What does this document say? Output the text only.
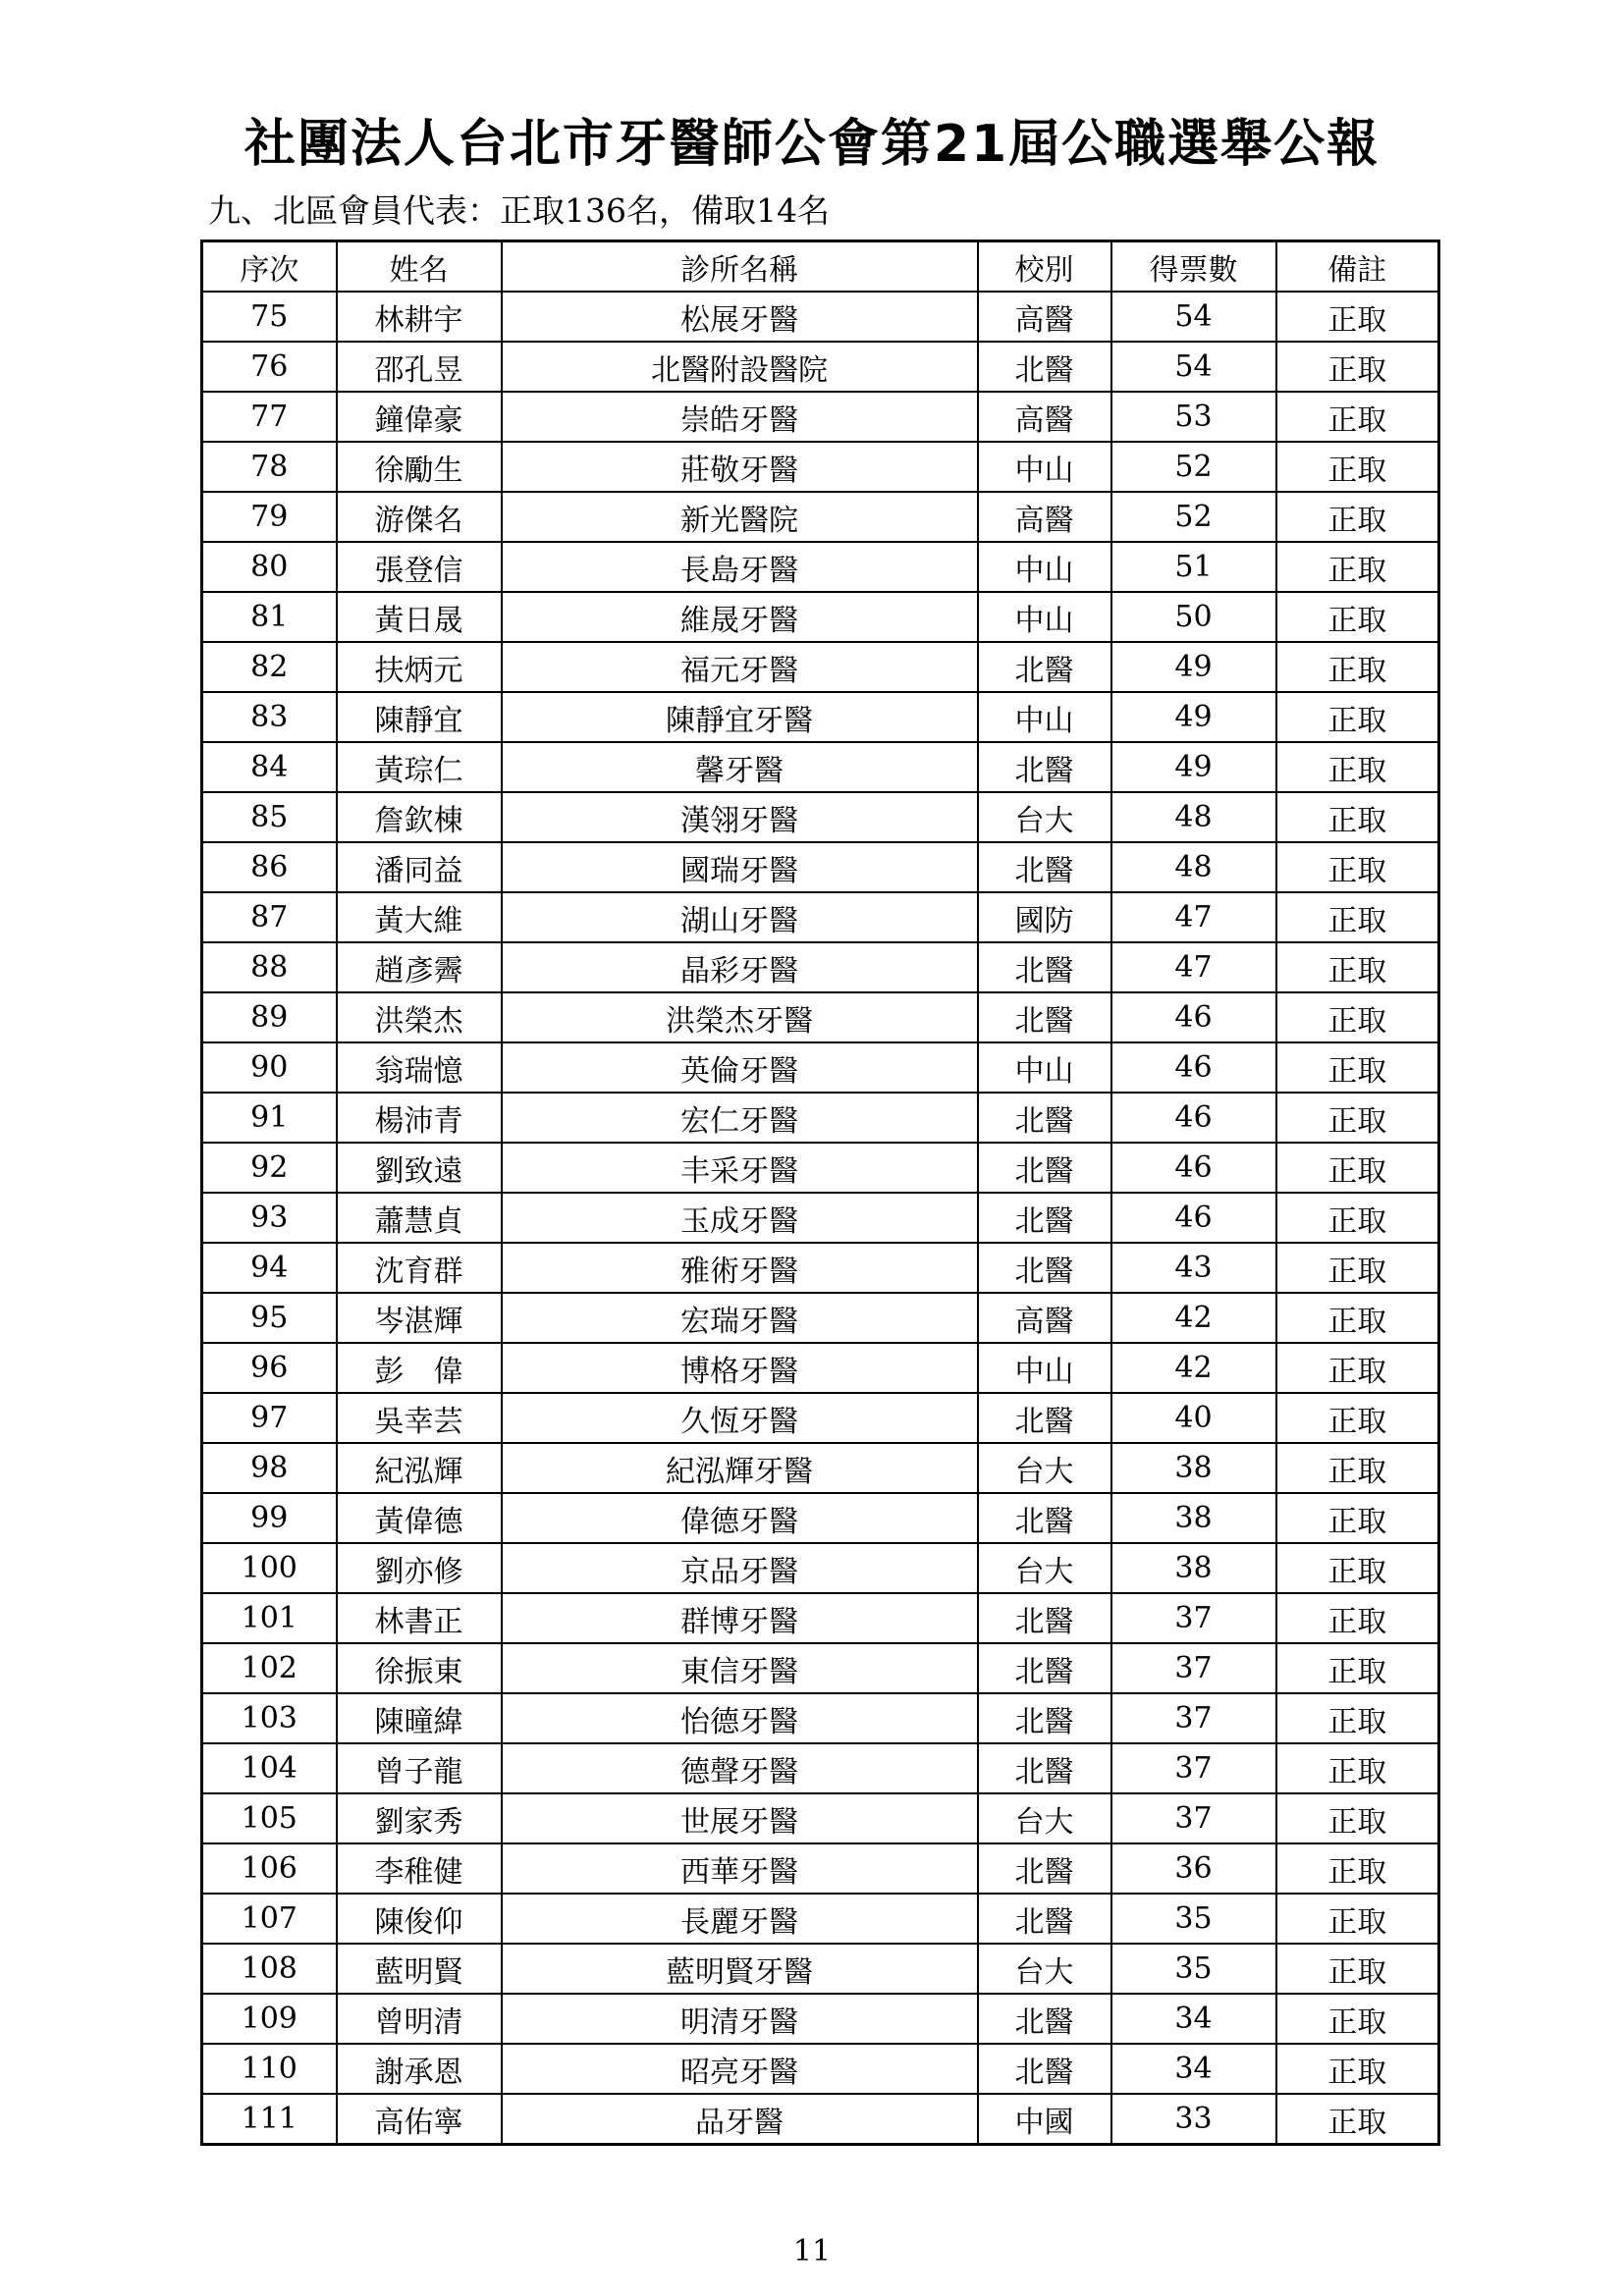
社團法人台北市牙醫師公會第21屆公職選舉公報
九、北區會員代表：正取136名，備取14名
序次	姓名	診所名稱	校別	得票數	備註
75	林耕宇	松展牙醫	高醫	54	正取
76	邵孔昱	北醫附設醫院	北醫	54	正取
77	鐘偉豪	崇皓牙醫	高醫	53	正取
78	徐勵生	莊敬牙醫	中山	52	正取
79	游傑名	新光醫院	高醫	52	正取
80	張登信	長島牙醫	中山	51	正取
81	黃日晟	維晟牙醫	中山	50	正取
82	扶炳元	福元牙醫	北醫	49	正取
83	陳靜宜	陳靜宜牙醫	中山	49	正取
84	黃琮仁	馨牙醫	北醫	49	正取
85	詹欽棟	漢翎牙醫	台大	48	正取
86	潘同益	國瑞牙醫	北醫	48	正取
87	黃大維	湖山牙醫	國防	47	正取
88	趙彥霽	晶彩牙醫	北醫	47	正取
89	洪榮杰	洪榮杰牙醫	北醫	46	正取
90	翁瑞憶	英倫牙醫	中山	46	正取
91	楊沛青	宏仁牙醫	北醫	46	正取
92	劉致遠	丰采牙醫	北醫	46	正取
93	蕭慧貞	玉成牙醫	北醫	46	正取
94	沈育群	雅術牙醫	北醫	43	正取
95	岑湛輝	宏瑞牙醫	高醫	42	正取
96	彭　偉	博格牙醫	中山	42	正取
97	吳幸芸	久恆牙醫	北醫	40	正取
98	紀泓輝	紀泓輝牙醫	台大	38	正取
99	黃偉德	偉德牙醫	北醫	38	正取
100	劉亦修	京品牙醫	台大	38	正取
101	林書正	群博牙醫	北醫	37	正取
102	徐振東	東信牙醫	北醫	37	正取
103	陳曈緯	怡德牙醫	北醫	37	正取
104	曾子龍	德聲牙醫	北醫	37	正取
105	劉家秀	世展牙醫	台大	37	正取
106	李稚健	西華牙醫	北醫	36	正取
107	陳俊仰	長麗牙醫	北醫	35	正取
108	藍明賢	藍明賢牙醫	台大	35	正取
109	曾明清	明清牙醫	北醫	34	正取
110	謝承恩	昭亮牙醫	北醫	34	正取
111	高佑寧	品牙醫	中國	33	正取
11
